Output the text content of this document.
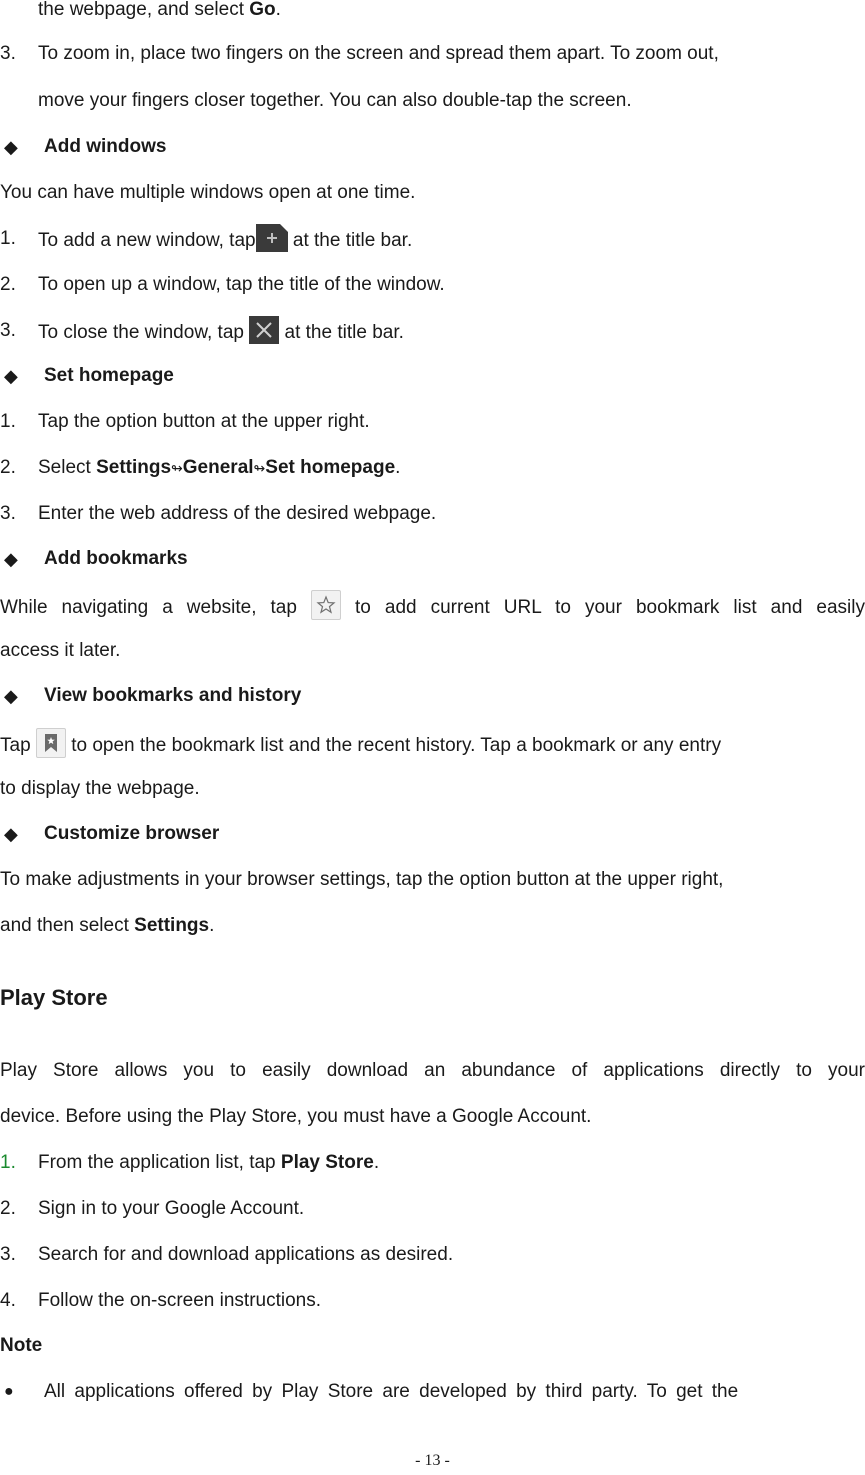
the webpage, and select Go.
3. To zoom in, place two fingers on the screen and spread them apart. To zoom out,
move your fingers closer together. You can also double-tap the screen.
◆ Add windows
You can have multiple windows open at one time.
1. To add a new window, tap at the title bar.
2. To open up a window, tap the title of the window.
3. To close the window, tap  at the title bar.
◆ Set homepage
1. Tap the option button at the upper right.
2. Select Settings↬General↬Set homepage.
3. Enter the web address of the desired webpage.
◆ Add bookmarks
While navigating a website, tap  to add current URL to your bookmark list and easily
access it later.
◆ View bookmarks and history
Tap  to open the bookmark list and the recent history. Tap a bookmark or any entry
to display the webpage.
◆ Customize browser
To make adjustments in your browser settings, tap the option button at the upper right,
and then select Settings.
Play Store
Play Store allows you to easily download an abundance of applications directly to your
device. Before using the Play Store, you must have a Google Account.
1. From the application list, tap Play Store.
2. Sign in to your Google Account.
3. Search for and download applications as desired.
4. Follow the on-screen instructions.
Note
● All applications offered by Play Store are developed by third party. To get the
- 13 -
